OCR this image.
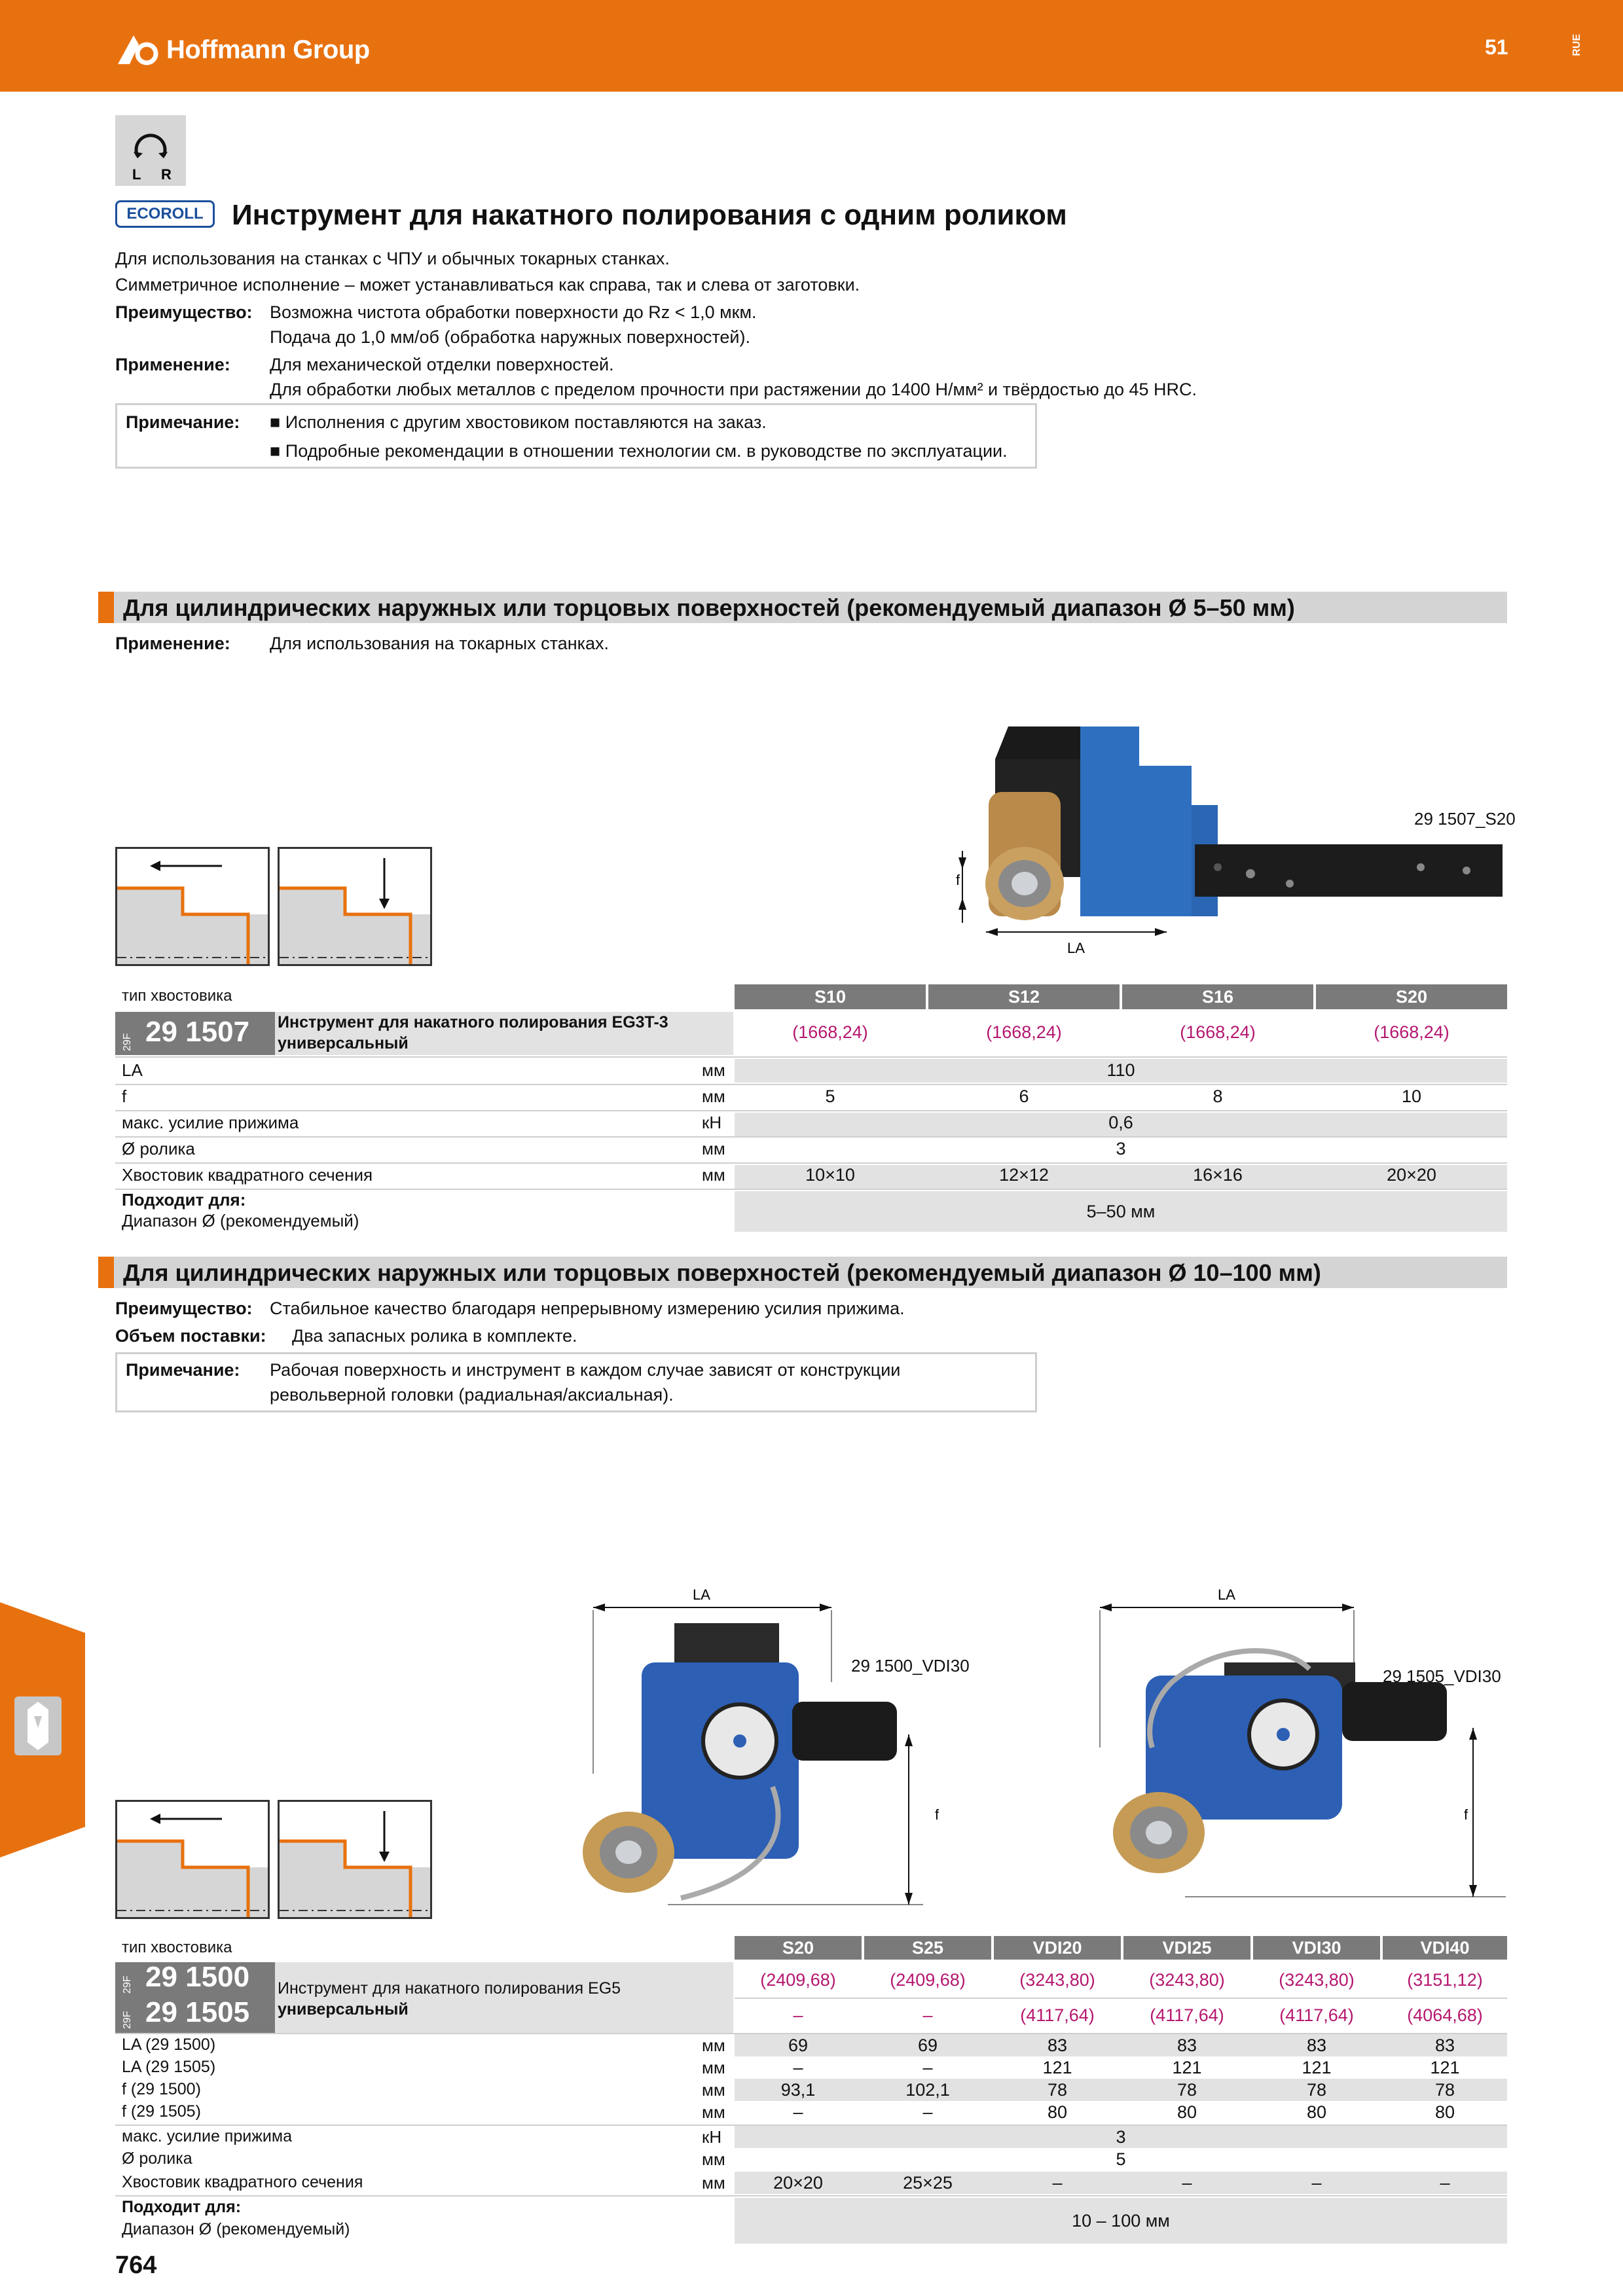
Hoffmann Group	51	RUE
L R
ECOROLL Инструмент для накатного полирования с одним роликом
Для использования на станках с ЧПУ и обычных токарных станках.
Симметричное исполнение – может устанавливаться как справа, так и слева от заготовки.
Преимущество: Возможна чистота обработки поверхности до Rz < 1,0 мкм.
Подача до 1,0 мм/об (обработка наружных поверхностей).
Применение: Для механической отделки поверхностей.
Для обработки любых металлов с пределом прочности при растяжении до 1400 Н/мм² и твёрдостью до 45 HRC.
Примечание: ■ Исполнения с другим хвостовиком поставляются на заказ.
■ Подробные рекомендации в отношении технологии см. в руководстве по эксплуатации.
Для цилиндрических наружных или торцовых поверхностей (рекомендуемый диапазон Ø 5–50 мм)
Применение: Для использования на токарных станках.
f
LA
29 1507_S20
тип хвостовика	S10	S12	S16	S20
29F 29 1507 Инструмент для накатного полирования EG3T-3
универсальный
(1668,24)	(1668,24)	(1668,24)	(1668,24)
LA	мм	110
f	мм	5	6	8	10
макс. усилие прижима	кН	0,6
Ø ролика	мм	3
Хвостовик квадратного сечения	мм	10×10	12×12	16×16	20×20
Подходит для:
Диапазон Ø (рекомендуемый)	5–50 мм
Для цилиндрических наружных или торцовых поверхностей (рекомендуемый диапазон Ø 10–100 мм)
Преимущество: Стабильное качество благодаря непрерывному измерению усилия прижима.
Объем поставки: Два запасных ролика в комплекте.
Примечание: Рабочая поверхность и инструмент в каждом случае зависят от конструкции
револьверной головки (радиальная/аксиальная).
LA
f
29 1500_VDI30
LA
f
29 1505_VDI30
тип хвостовика	S20	S25	VDI20	VDI25	VDI30	VDI40
29F 29 1500
29F 29 1505
Инструмент для накатного полирования EG5
универсальный
(2409,68)	(2409,68)	(3243,80)	(3243,80)	(3243,80)	(3151,12)
–	–	(4117,64)	(4117,64)	(4117,64)	(4064,68)
LA (29 1500)	мм	69	69	83	83	83	83
LA (29 1505)	мм	–	–	121	121	121	121
f (29 1500)	мм	93,1	102,1	78	78	78	78
f (29 1505)	мм	–	–	80	80	80	80
макс. усилие прижима	кН	3
Ø ролика	мм	5
Хвостовик квадратного сечения	мм	20×20	25×25	–	–	–	–
Подходит для:
Диапазон Ø (рекомендуемый)	10 – 100 мм
764
